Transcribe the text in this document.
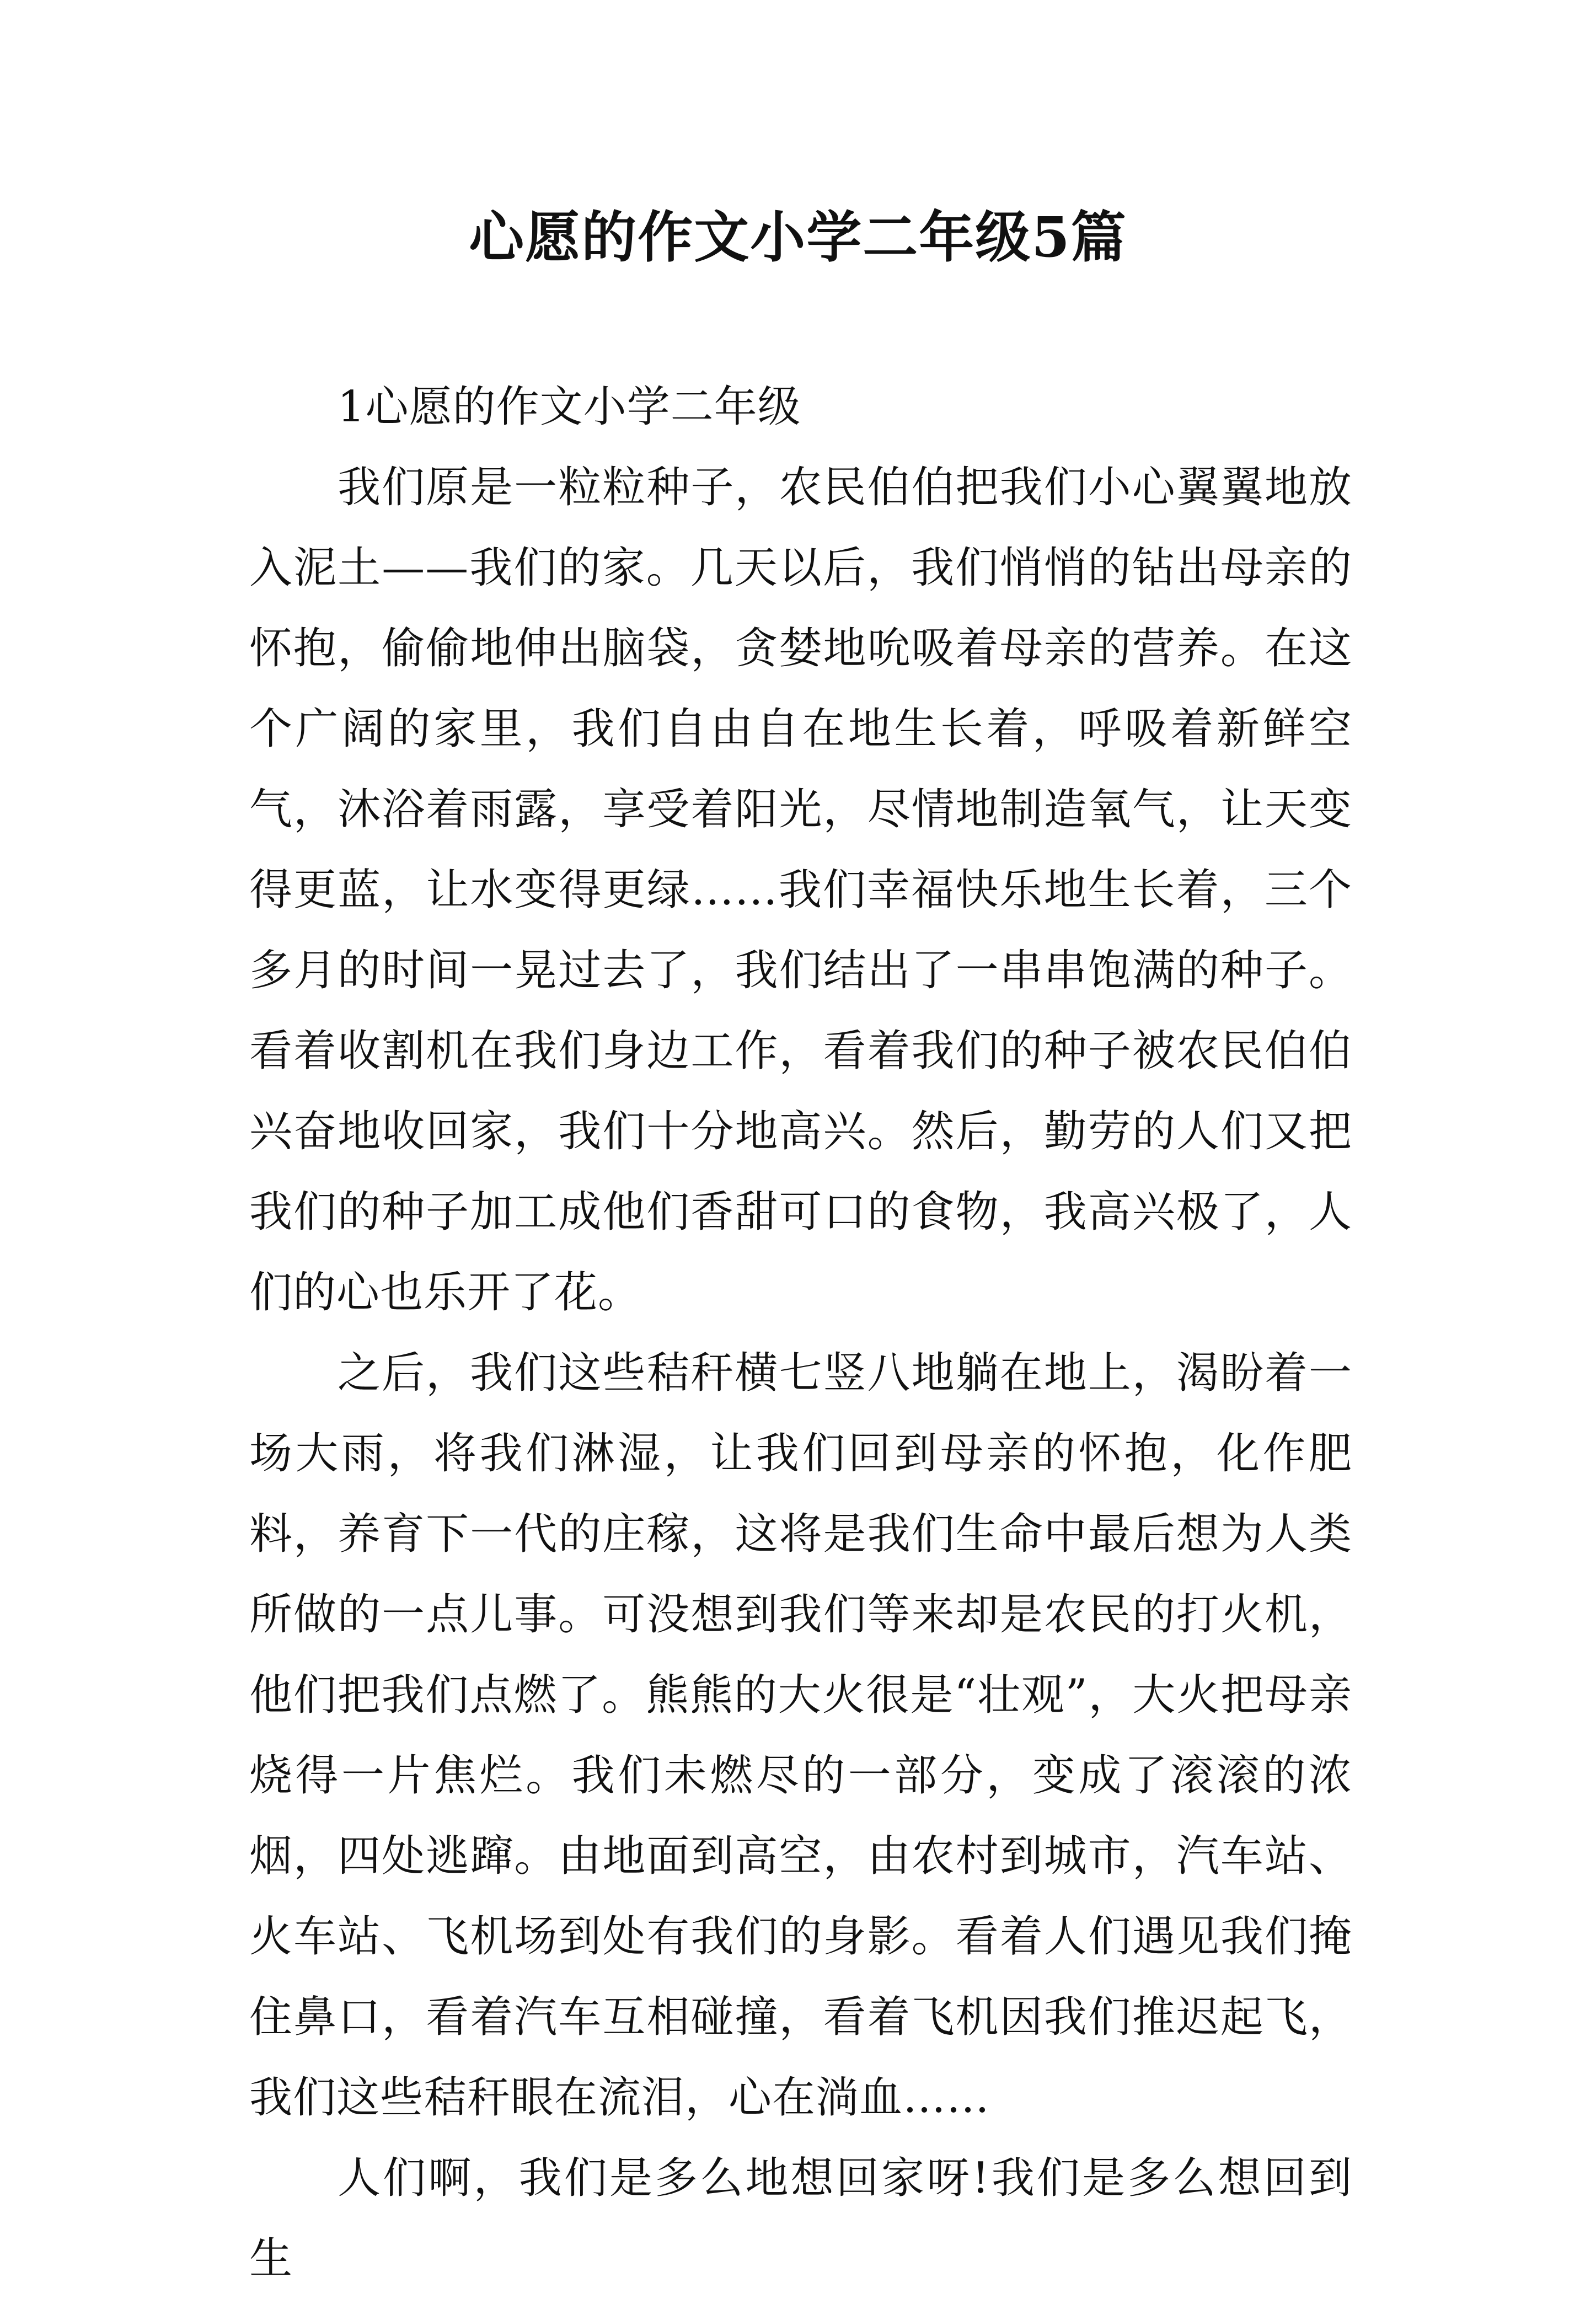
心愿的作文小学二年级5篇

1心愿的作文小学二年级

我们原是一粒粒种子，农民伯伯把我们小心翼翼地放入泥土——我们的家。几天以后，我们悄悄的钻出母亲的怀抱，偷偷地伸出脑袋，贪婪地吮吸着母亲的营养。在这个广阔的家里，我们自由自在地生长着，呼吸着新鲜空气，沐浴着雨露，享受着阳光，尽情地制造氧气，让天变得更蓝，让水变得更绿……我们幸福快乐地生长着，三个多月的时间一晃过去了，我们结出了一串串饱满的种子。看着收割机在我们身边工作，看着我们的种子被农民伯伯兴奋地收回家，我们十分地高兴。然后，勤劳的人们又把我们的种子加工成他们香甜可口的食物，我高兴极了，人们的心也乐开了花。

之后，我们这些秸秆横七竖八地躺在地上，渴盼着一场大雨，将我们淋湿，让我们回到母亲的怀抱，化作肥料，养育下一代的庄稼，这将是我们生命中最后想为人类所做的一点儿事。可没想到我们等来却是农民的打火机，他们把我们点燃了。熊熊的大火很是“壮观”，大火把母亲烧得一片焦烂。我们未燃尽的一部分，变成了滚滚的浓烟，四处逃蹿。由地面到高空，由农村到城市，汽车站、火车站、飞机场到处有我们的身影。看着人们遇见我们掩住鼻口，看着汽车互相碰撞，看着飞机因我们推迟起飞，我们这些秸秆眼在流泪，心在淌血……

人们啊，我们是多么地想回家呀!我们是多么想回到生
